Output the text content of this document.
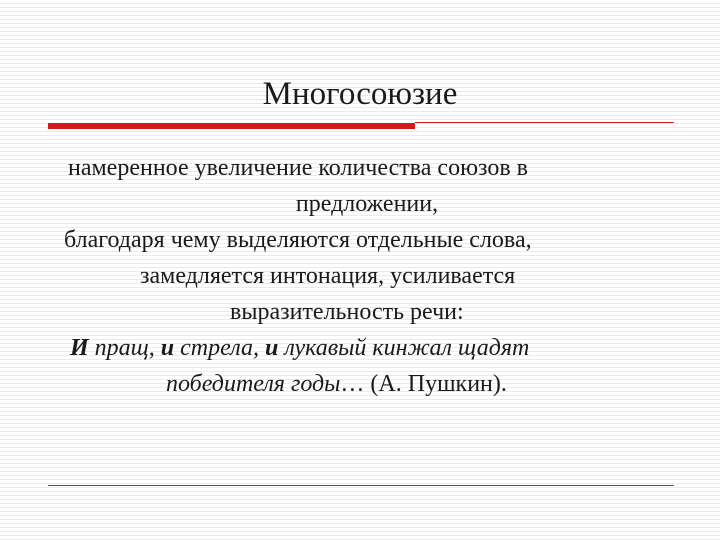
Многосоюзие
намеренное увеличение количества союзов в
предложении,
благодаря чему выделяются отдельные слова,
замедляется интонация, усиливается
выразительность речи:
И пращ, и стрела, и лукавый кинжал щадят
победителя годы… (А. Пушкин).
